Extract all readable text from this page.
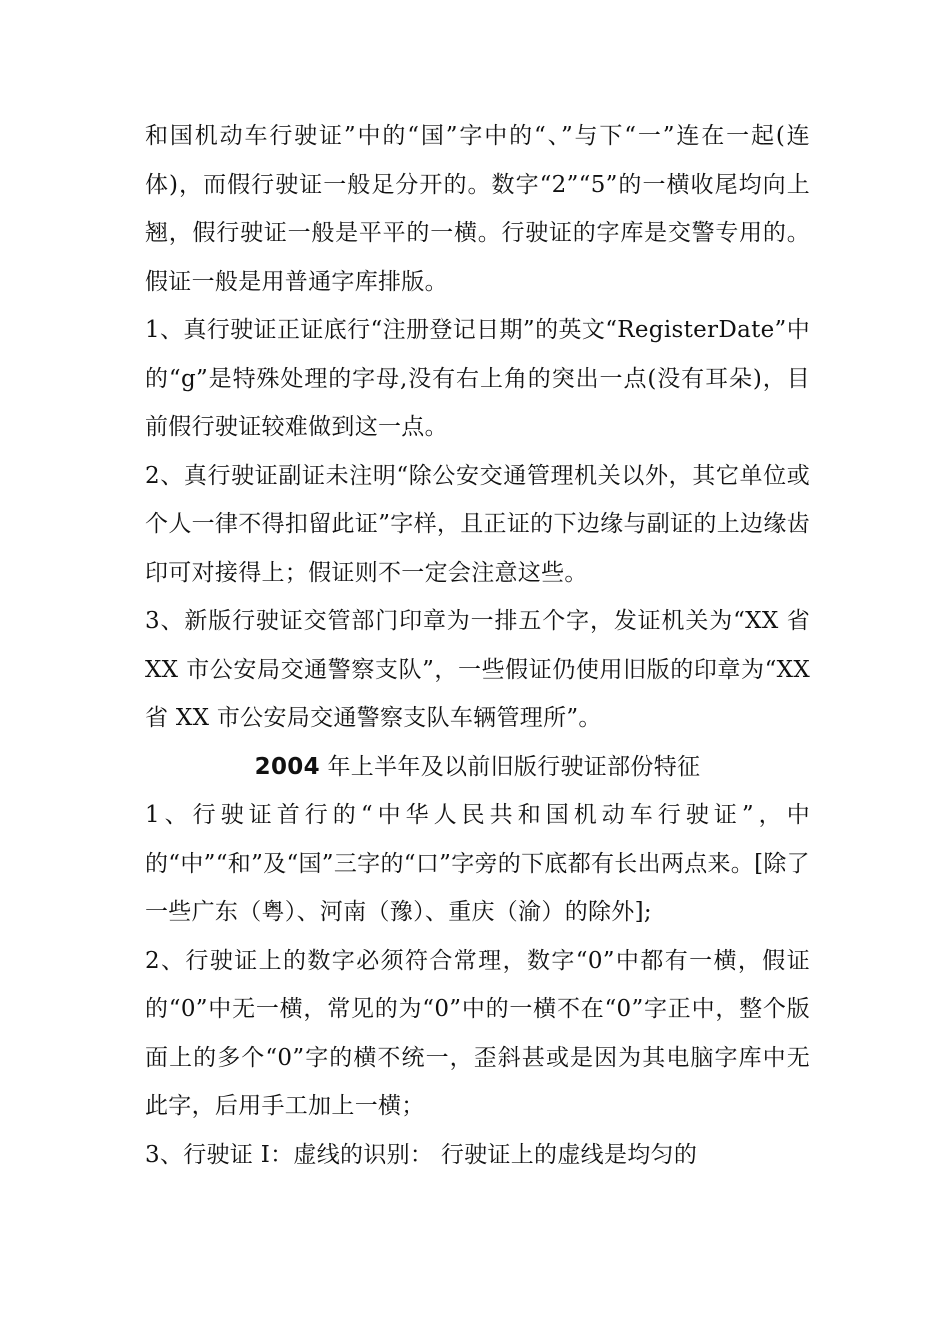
和国机动车行驶证”中的“国”字中的“、”与下“一”连在一起(连体)，而假行驶证一般足分开的。数字“2”“5”的一横收尾均向上翘，假行驶证一般是平平的一横。行驶证的字库是交警专用的。假证一般是用普通字库排版。

1、真行驶证正证底行“注册登记日期”的英文“RegisterDate”中的“g”是特殊处理的字母,没有右上角的突出一点(没有耳朵)，目前假行驶证较难做到这一点。

2、真行驶证副证未注明“除公安交通管理机关以外，其它单位或个人一律不得扣留此证”字样，且正证的下边缘与副证的上边缘齿印可对接得上；假证则不一定会注意这些。

3、新版行驶证交管部门印章为一排五个字，发证机关为“XX 省 XX 市公安局交通警察支队”，一些假证仍使用旧版的印章为“XX 省 XX 市公安局交通警察支队车辆管理所”。

2004 年上半年及以前旧版行驶证部份特征

1、行驶证首行的“中华人民共和国机动车行驶证”，中的“中”“和”及“国”三字的“口”字旁的下底都有长出两点来。[除了一些广东（粤）、河南（豫）、重庆（渝）的除外];

2、行驶证上的数字必须符合常理，数字“0”中都有一横，假证的“0”中无一横，常见的为“0”中的一横不在“0”字正中，整个版面上的多个“0”字的横不统一，歪斜甚或是因为其电脑字库中无此字，后用手工加上一横；

3、行驶证 I：虚线的识别： 行驶证上的虚线是均匀的
